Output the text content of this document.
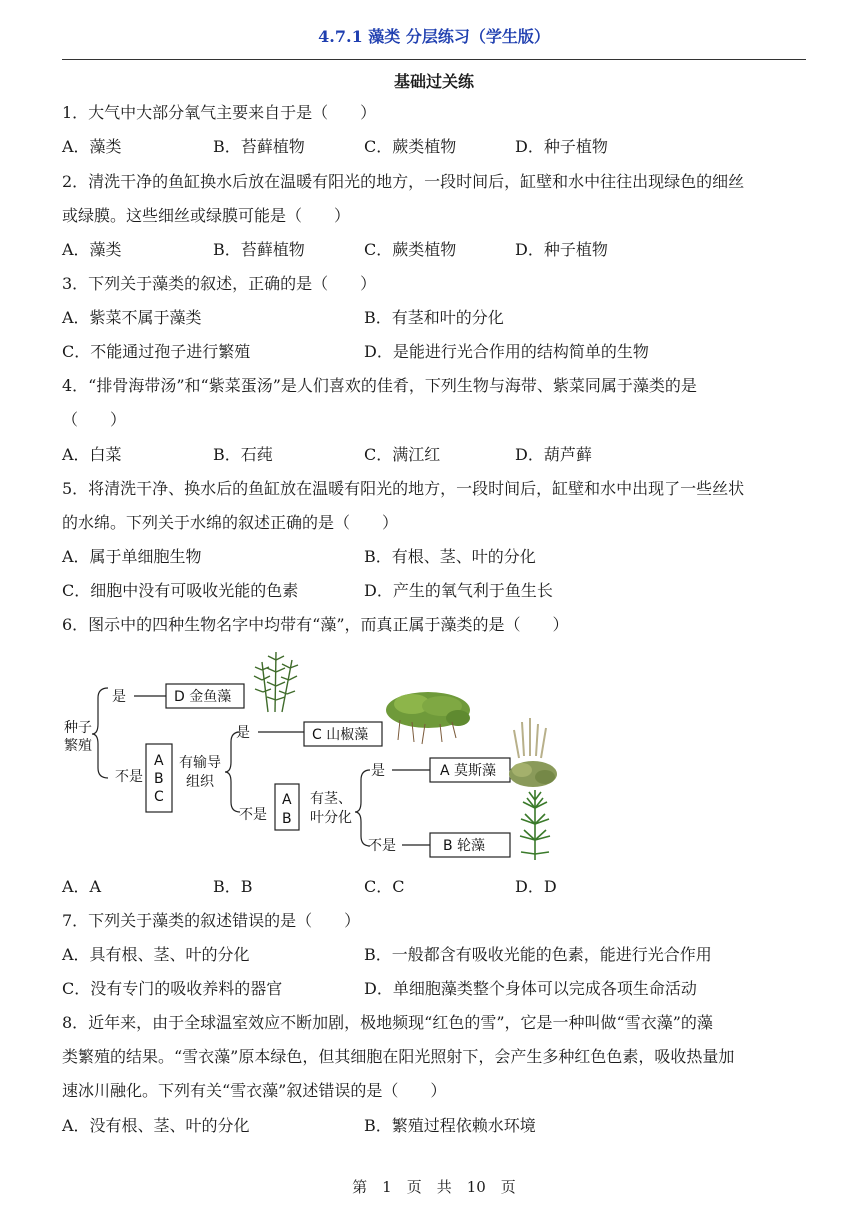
4.7.1 藻类 分层练习（学生版）
基础过关练
1．大气中大部分氧气主要来自于是（　　）
A．藻类	B．苔藓植物	C．蕨类植物	D．种子植物
2．清洗干净的鱼缸换水后放在温暖有阳光的地方，一段时间后，缸壁和水中往往出现绿色的细丝
或绿膜。这些细丝或绿膜可能是（　　）
A．藻类	B．苔藓植物	C．蕨类植物	D．种子植物
3．下列关于藻类的叙述，正确的是（　　）
A．紫菜不属于藻类	B．有茎和叶的分化
C．不能通过孢子进行繁殖	D．是能进行光合作用的结构简单的生物
4．“排骨海带汤”和“紫菜蛋汤”是人们喜欢的佳肴，下列生物与海带、紫菜同属于藻类的是
（　　）
A．白菜	B．石莼	C．满江红	D．葫芦藓
5．将清洗干净、换水后的鱼缸放在温暖有阳光的地方，一段时间后，缸壁和水中出现了一些丝状
的水绵。下列关于水绵的叙述正确的是（　　）
A．属于单细胞生物	B．有根、茎、叶的分化
C．细胞中没有可吸收光能的色素	D．产生的氧气利于鱼生长
6．图示中的四种生物名字中均带有“藻”，而真正属于藻类的是（　　）
种子
繁殖
是
不是
D 金鱼藻
A
B
C
有输导
组织
是
不是
C 山椒藻
A
B
有茎、
叶分化
是
不是
A 莫斯藻
B 轮藻
A．A	B．B	C．C	D．D
7．下列关于藻类的叙述错误的是（　　）
A．具有根、茎、叶的分化	B．一般都含有吸收光能的色素，能进行光合作用
C．没有专门的吸收养料的器官	D．单细胞藻类整个身体可以完成各项生命活动
8．近年来，由于全球温室效应不断加剧，极地频现“红色的雪”，它是一种叫做“雪衣藻”的藻
类繁殖的结果。“雪衣藻”原本绿色，但其细胞在阳光照射下，会产生多种红色色素，吸收热量加
速冰川融化。下列有关“雪衣藻”叙述错误的是（　　）
A．没有根、茎、叶的分化	B．繁殖过程依赖水环境
第　1　页　共　10　页
